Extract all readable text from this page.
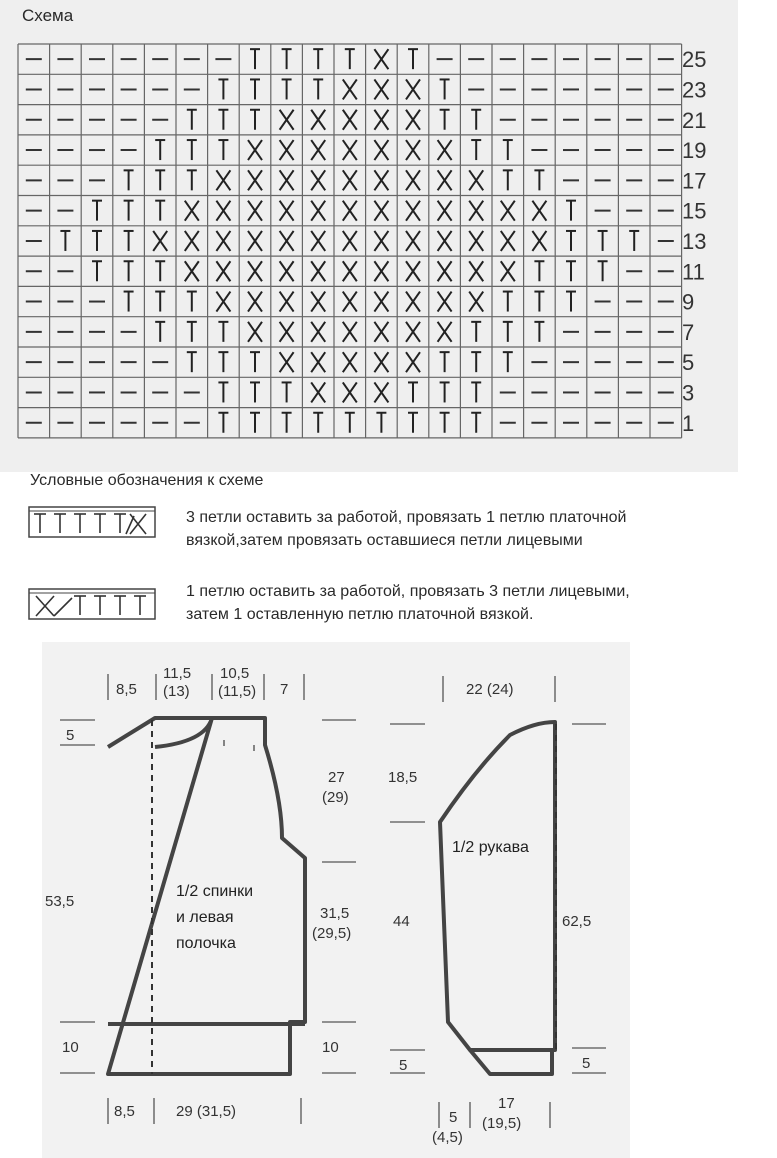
Схема
25
23
21
19
17
15
13
11
9
7
5
3
1
Условные обозначения к схеме
3 петли оставить за работой, провязать 1 петлю платочной
вязкой,затем провязать оставшиеся петли лицевыми
1 петлю оставить за работой, провязать 3 петли лицевыми,
затем 1 оставленную петлю платочной вязкой.
8,5
11,5
(13)
10,5
(11,5) 7
5
53,5
10
27
(29)
31,5
(29,5)
10
8,5	29 (31,5)
22 (24)
18,5
44
5
62,5
5
5
(4,5)
17
(19,5)
1/2 спинки
и левая
полочка
1/2 рукава
